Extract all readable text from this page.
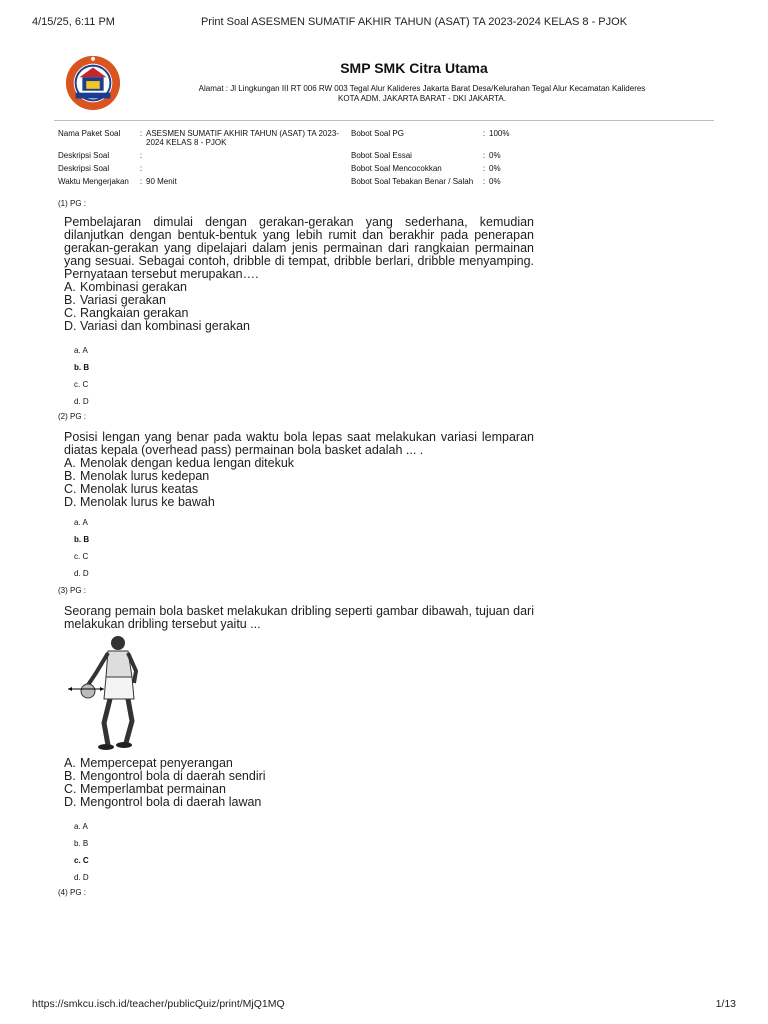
4/15/25, 6:11 PM	Print Soal ASESMEN SUMATIF AKHIR TAHUN (ASAT) TA 2023-2024 KELAS 8 - PJOK
SMP SMK Citra Utama
Alamat : Jl Lingkungan III RT 006 RW 003 Tegal Alur Kalideres Jakarta Barat Desa/Kelurahan Tegal Alur Kecamatan Kalideres
KOTA ADM. JAKARTA BARAT - DKI JAKARTA.
Nama Paket Soal	:	ASESMEN SUMATIF AKHIR TAHUN (ASAT) TA 2023-2024 KELAS 8 - PJOK	Bobot Soal PG	:	100%
Deskripsi Soal	:		Bobot Soal Essai	:	0%
Deskripsi Soal	:		Bobot Soal Mencocokkan	:	0%
Waktu Mengerjakan	:	90 Menit	Bobot Soal Tebakan Benar / Salah	:	0%
(1) PG :
Pembelajaran dimulai dengan gerakan-gerakan yang sederhana, kemudian dilanjutkan dengan bentuk-bentuk yang lebih rumit dan berakhir pada penerapan gerakan-gerakan yang dipelajari dalam jenis permainan dari rangkaian permainan yang sesuai. Sebagai contoh, dribble di tempat, dribble berlari, dribble menyamping. Pernyataan tersebut merupakan….
A. Kombinasi gerakan
B. Variasi gerakan
C. Rangkaian gerakan
D. Variasi dan kombinasi gerakan
a. A
b. B
c. C
d. D
(2) PG :
Posisi lengan yang benar pada waktu bola lepas saat melakukan variasi lemparan diatas kepala (overhead pass) permainan bola basket adalah ... .
A. Menolak dengan kedua lengan ditekuk
B. Menolak lurus kedepan
C. Menolak lurus keatas
D. Menolak lurus ke bawah
a. A
b. B
c. C
d. D
(3) PG :
Seorang pemain bola basket melakukan dribling seperti gambar dibawah, tujuan dari melakukan dribling tersebut yaitu ...
A. Mempercepat penyerangan
B. Mengontrol bola di daerah sendiri
C. Memperlambat permainan
D. Mengontrol bola di daerah lawan
a. A
b. B
c. C
d. D
(4) PG :
https://smkcu.isch.id/teacher/publicQuiz/print/MjQ1MQ	1/13
